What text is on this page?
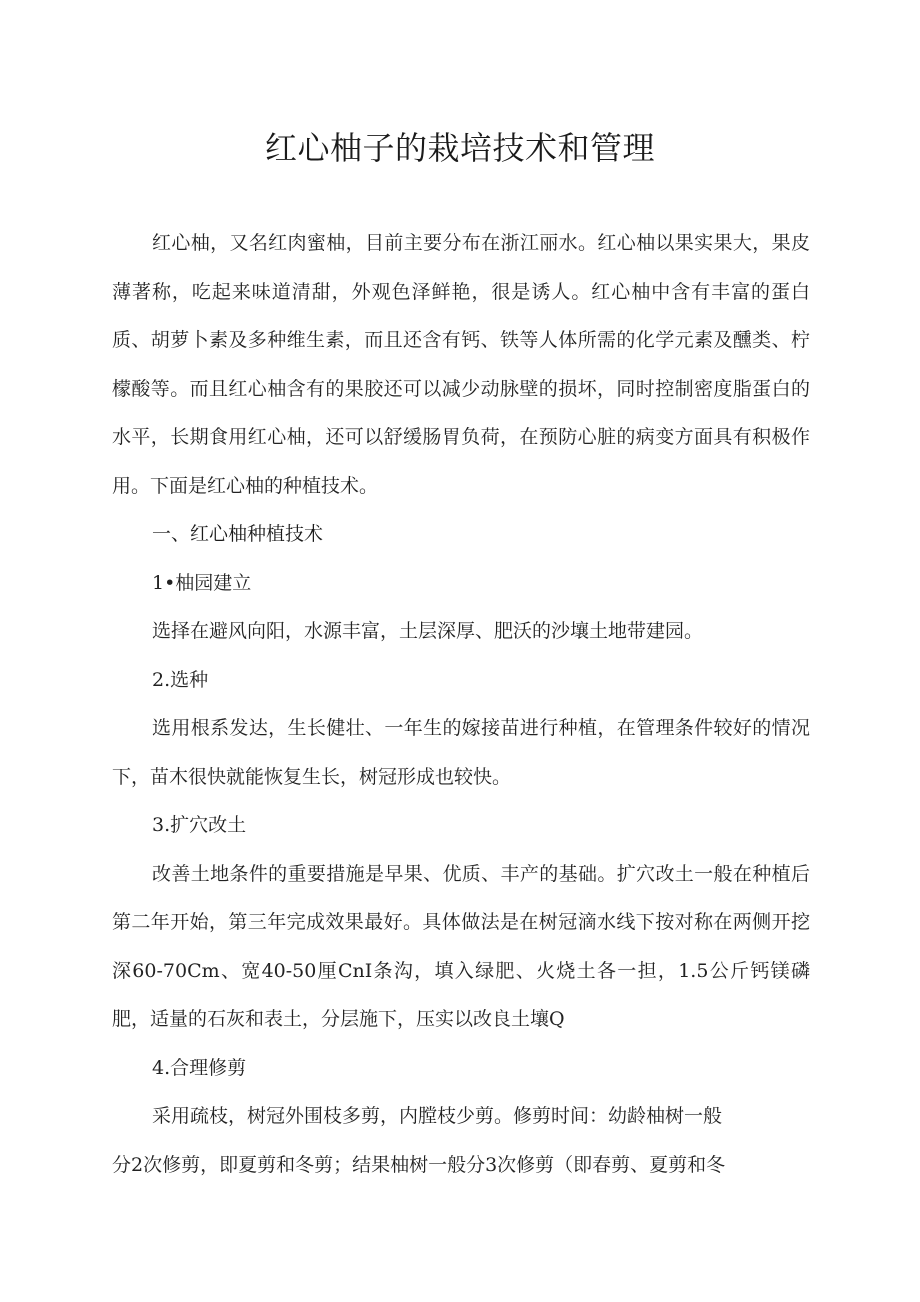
红心柚子的栽培技术和管理

红心柚，又名红肉蜜柚，目前主要分布在浙江丽水。红心柚以果实果大，果皮薄著称，吃起来味道清甜，外观色泽鲜艳，很是诱人。红心柚中含有丰富的蛋白质、胡萝卜素及多种维生素，而且还含有钙、铁等人体所需的化学元素及醺类、柠檬酸等。而且红心柚含有的果胶还可以减少动脉壁的损坏，同时控制密度脂蛋白的水平，长期食用红心柚，还可以舒缓肠胃负荷，在预防心脏的病变方面具有积极作用。下面是红心柚的种植技术。

一、红心柚种植技术

1•柚园建立

选择在避风向阳，水源丰富，土层深厚、肥沃的沙壤土地带建园。

2.选种

选用根系发达，生长健壮、一年生的嫁接苗进行种植，在管理条件较好的情况下，苗木很快就能恢复生长，树冠形成也较快。

3.扩穴改土

改善土地条件的重要措施是早果、优质、丰产的基础。扩穴改土一般在种植后第二年开始，第三年完成效果最好。具体做法是在树冠滴水线下按对称在两侧开挖深60-70Cm、宽40-50厘CnI条沟，填入绿肥、火烧土各一担，1.5公斤钙镁磷肥，适量的石灰和表土，分层施下，压实以改良土壤Q

4.合理修剪

采用疏枝，树冠外围枝多剪，内膛枝少剪。修剪时间：幼龄柚树一般

分2次修剪，即夏剪和冬剪；结果柚树一般分3次修剪（即春剪、夏剪和冬
